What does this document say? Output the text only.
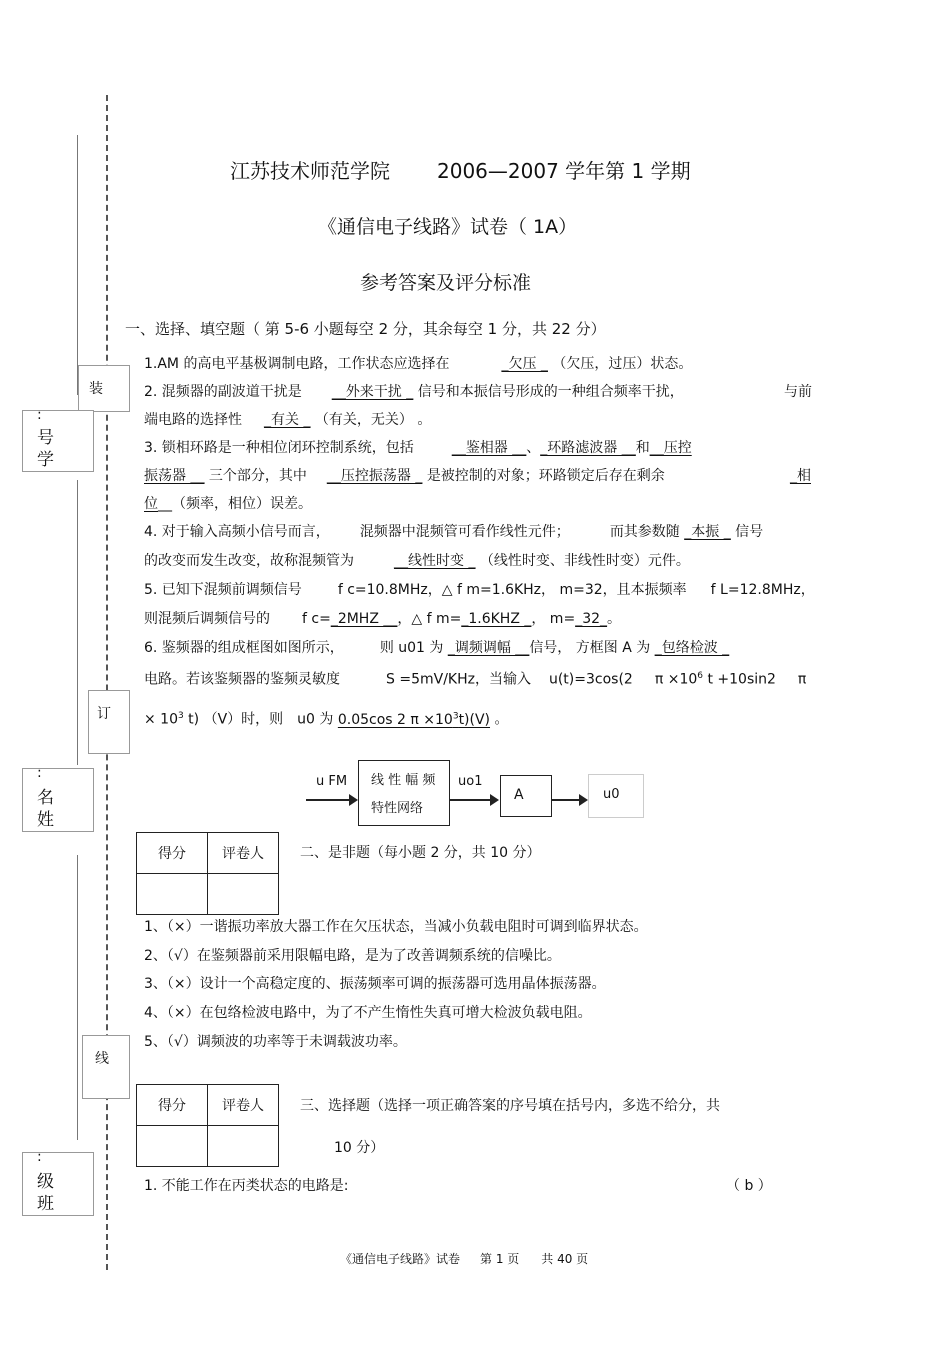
装
:
号
学
订
:
名
姓
线
:
级
班
江苏技术师范学院 2006—2007 学年第 1 学期
《通信电子线路》试卷（ 1A）
参考答案及评分标准
一、选择、填空题（ 第 5-6 小题每空 2 分，其余每空 1 分，共 22 分）
1.AM 的高电平基极调制电路，工作状态应选择在	_欠压 _ （欠压，过压）状态。
2. 混频器的副波道干扰是 __外来干扰 _ 信号和本振信号形成的一种组合频率干扰，	与前
端电路的选择性 _有关 _ （有关，无关） 。
3. 锁相环路是一种相位闭环控制系统，包括	__鉴相器 __、_环路滤波器 __和__压控
振荡器 __ 三个部分，其中 __压控振荡器 _ 是被控制的对象；环路锁定后存在剩余	_相
位__（频率，相位）误差。
4. 对于输入高频小信号而言， 混频器中混频管可看作线性元件；	而其参数随 _本振 _ 信号
的改变而发生改变，故称混频管为	__线性时变 _ （线性时变、非线性时变）元件。
5. 已知下混频前调频信号	f c=10.8MHz，△ f m=1.6KHz， m=32，且本振频率 f L=12.8MHz，
则混频后调频信号的 f c=_2MHZ __，△ f m=_1.6KHZ _， m=_32_。
6. 鉴频器的组成框图如图所示，	则 u01 为 _调频调幅 __信号， 方框图 A 为 _包络检波 _
电路。若该鉴频器的鉴频灵敏度	S =5mV/KHz，当输入 u(t)=3cos(2 $\pi \times 10^6$ t +10sin2 π
× $10^3$ t) （V）时，则 u0 为 0.05cos 2 $\pi \times 10^3t)(V)$ 。
u FM 线 性 幅 频
特性网络
uo1
A	u0
得分	评卷人
		二、是非题（每小题 2 分，共 10 分）
1、（×）一谐振功率放大器工作在欠压状态，当减小负载电阻时可调到临界状态。
2、（√）在鉴频器前采用限幅电路，是为了改善调频系统的信噪比。
3、（×）设计一个高稳定度的、振荡频率可调的振荡器可选用晶体振荡器。
4、（×）在包络检波电路中，为了不产生惰性失真可增大检波负载电阻。
5、（√）调频波的功率等于未调载波功率。
得分	评卷人
		三、选择题（选择一项正确答案的序号填在括号内，多选不给分，共
10 分）
1. 不能工作在丙类状态的电路是:	（ b ）
《通信电子线路》试卷 第 1 页 共 40 页
